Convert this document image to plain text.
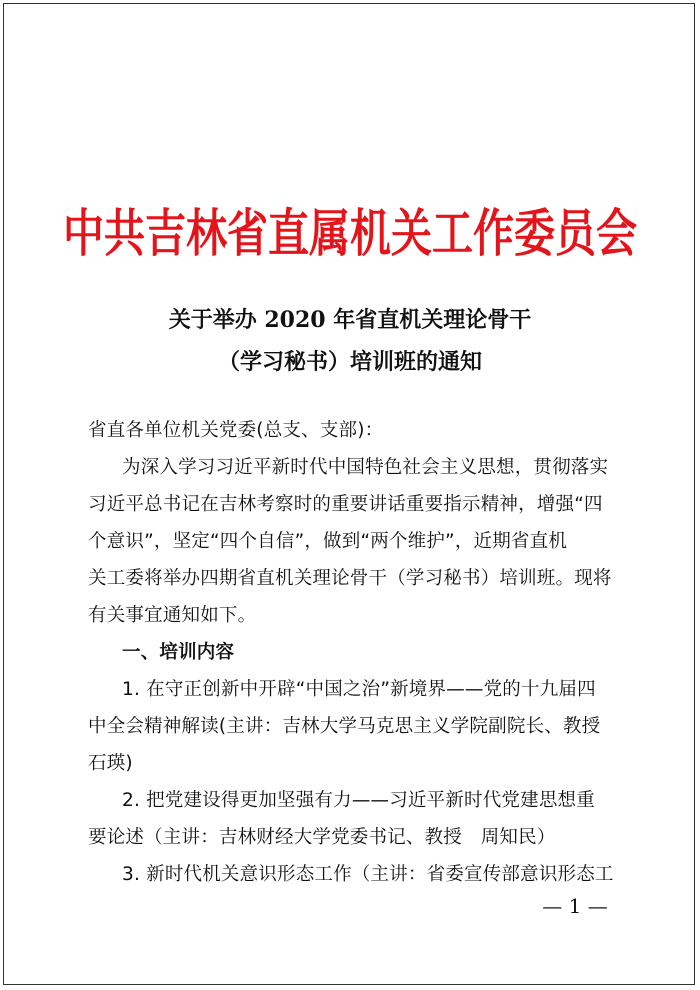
中共吉林省直属机关工作委员会
关于举办 2020 年省直机关理论骨干
（学习秘书）培训班的通知
省直各单位机关党委(总支、支部)：
为深入学习习近平新时代中国特色社会主义思想，贯彻落实
习近平总书记在吉林考察时的重要讲话重要指示精神，增强“四
个意识”，坚定“四个自信”，做到“两个维护”，近期省直机
关工委将举办四期省直机关理论骨干（学习秘书）培训班。现将
有关事宜通知如下。
一、培训内容
1. 在守正创新中开辟“中国之治”新境界——党的十九届四
中全会精神解读(主讲：吉林大学马克思主义学院副院长、教授
石瑛)
2. 把党建设得更加坚强有力——习近平新时代党建思想重
要论述（主讲：吉林财经大学党委书记、教授　周知民）
3. 新时代机关意识形态工作（主讲：省委宣传部意识形态工
— 1 —
